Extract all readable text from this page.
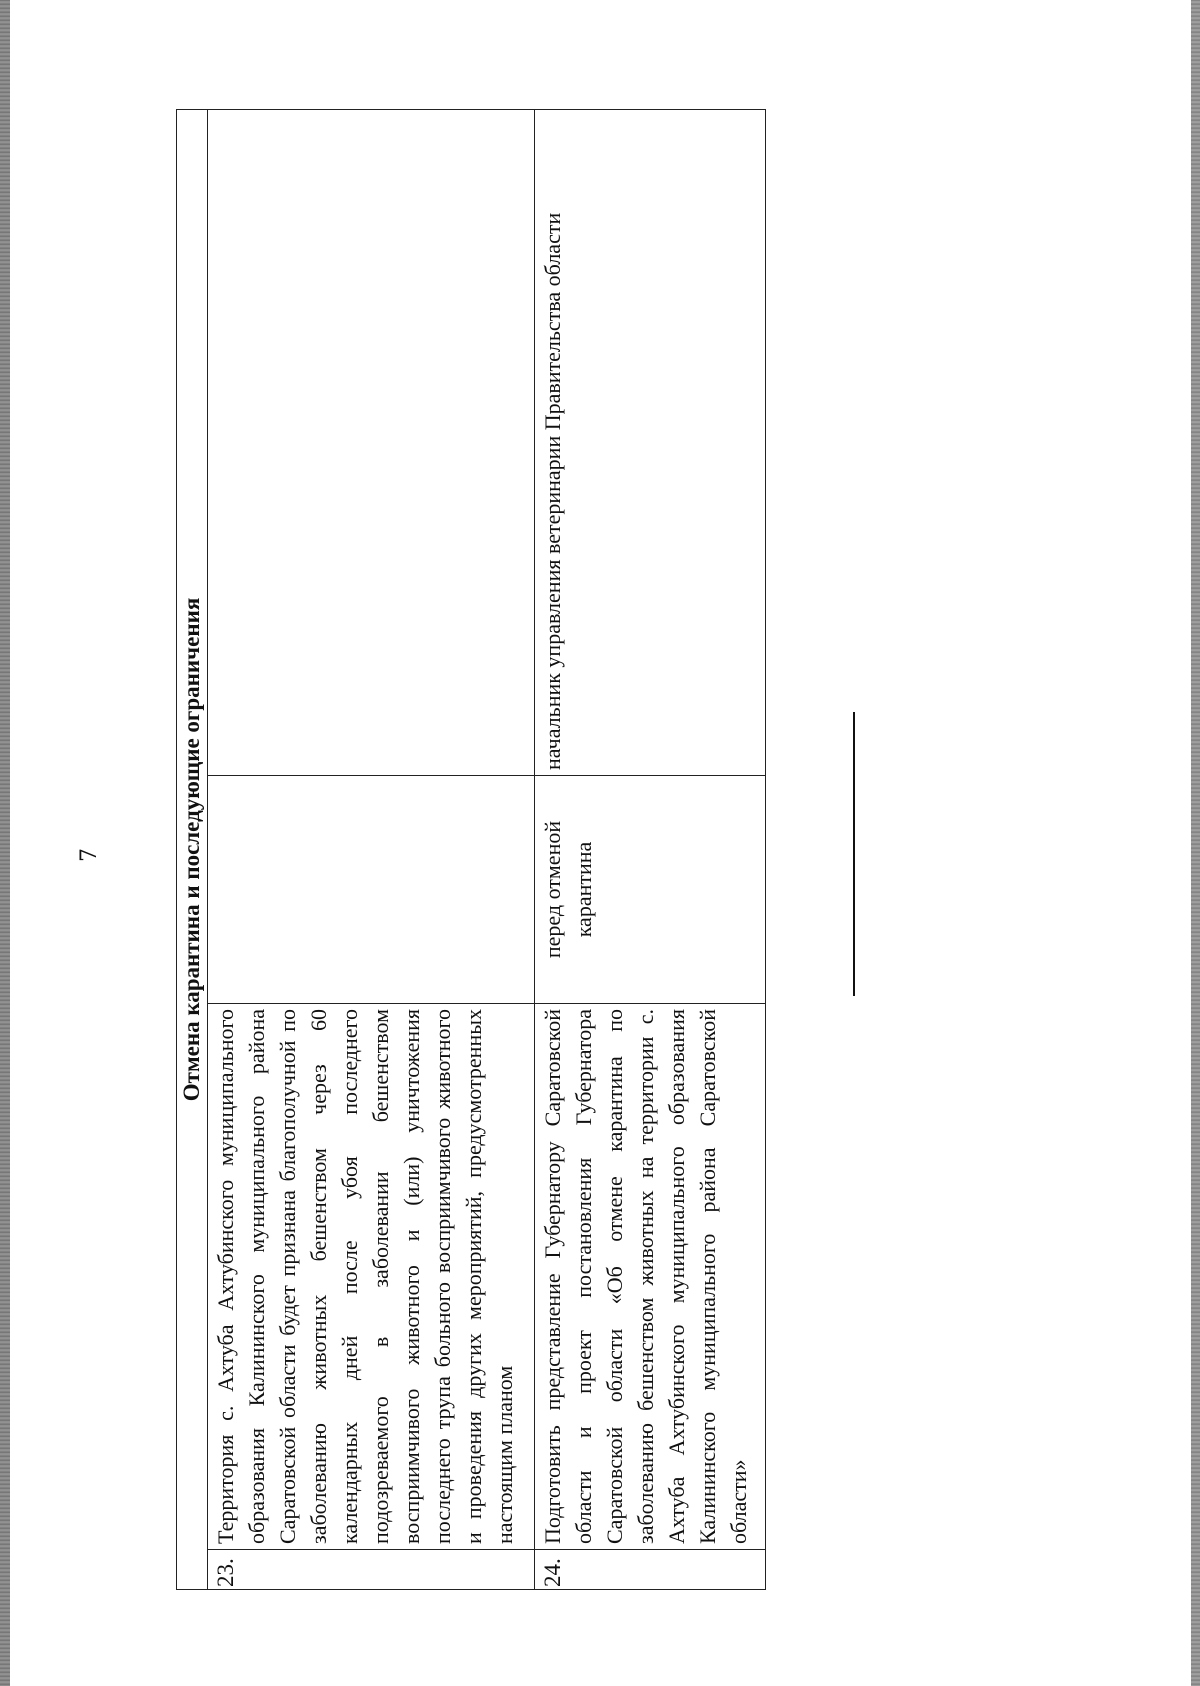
7	Отмена карантина и последующие ограничения			
23.	Территория с. Ахтуба Ахтубинского муниципального образования Калининского муниципального района Саратовской области будет признана благополучной по заболеванию животных бешенством через 60 календарных дней после убоя последнего подозреваемого в заболевании бешенством восприимчивого животного и (или) уничтожения последнего трупа больного восприимчивого животного и проведения других мероприятий, предусмотренных настоящим планом		
24.	Подготовить представление Губернатору Саратовской области и проект постановления Губернатора Саратовской области «Об отмене карантина по заболеванию бешенством животных на территории с. Ахтуба Ахтубинского муниципального образования Калининского муниципального района Саратовской области»	перед отменой карантина	начальник управления ветеринарии Правительства области
